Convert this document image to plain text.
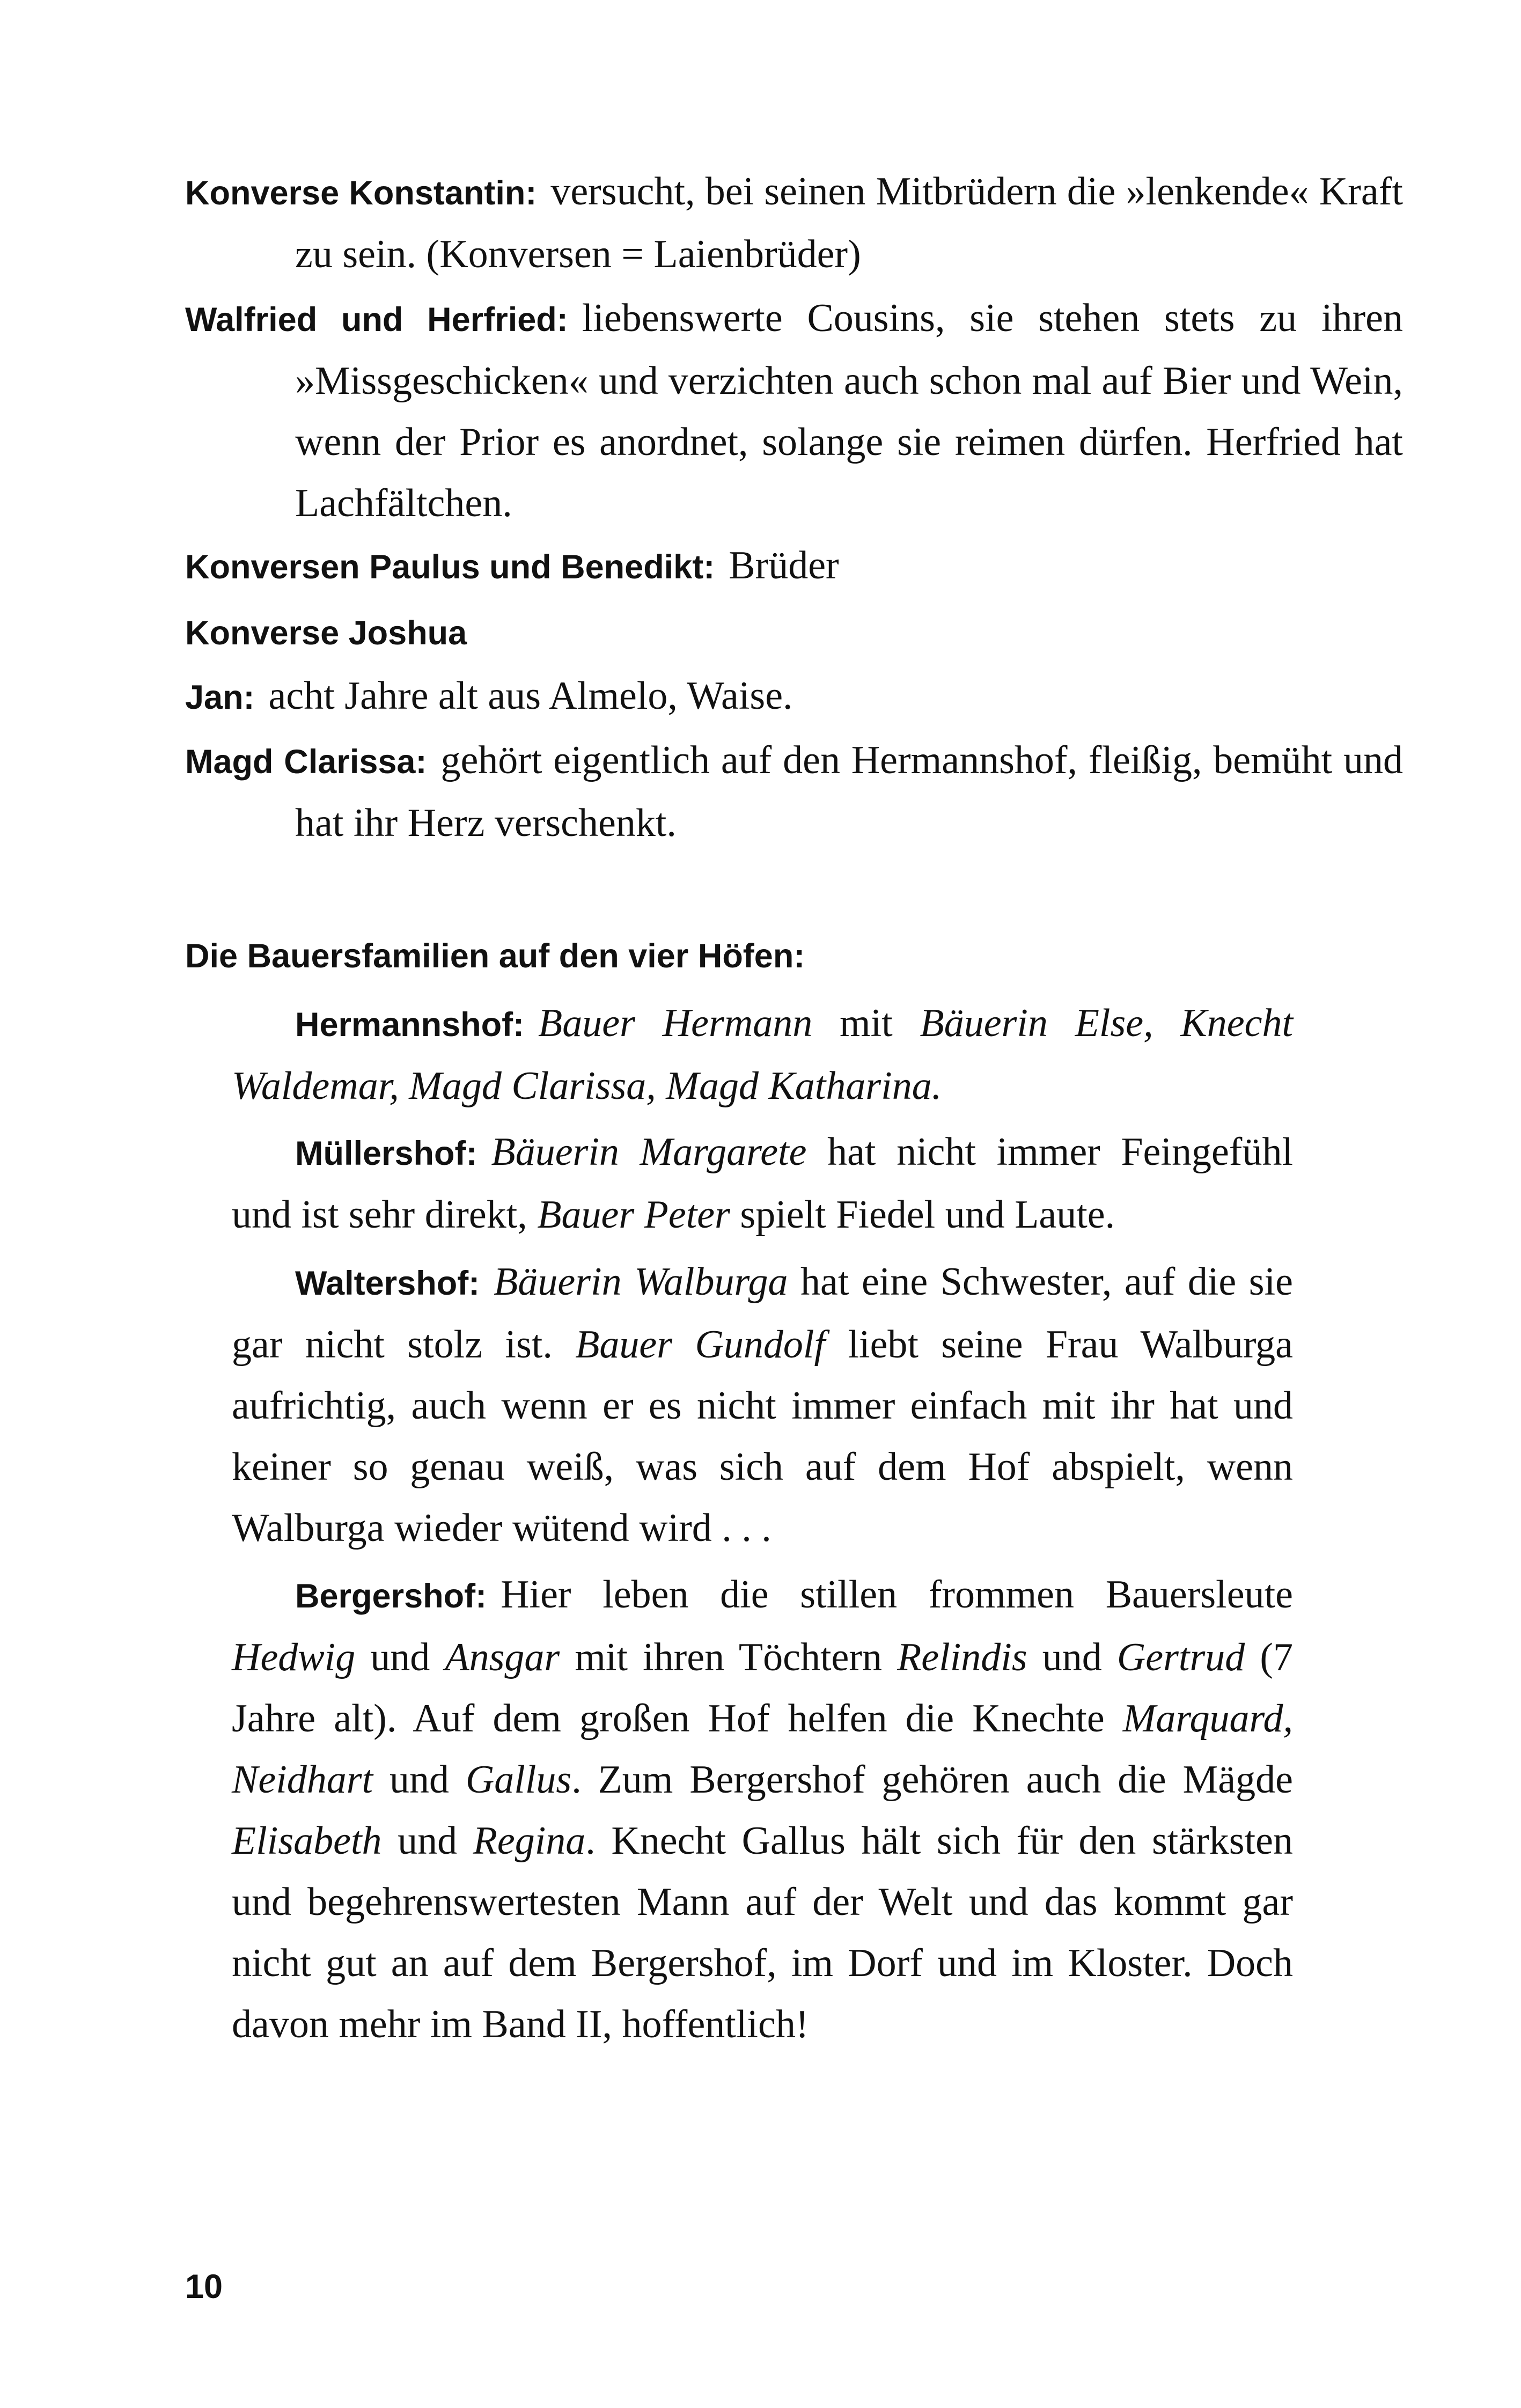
Konverse Konstantin: versucht, bei seinen Mitbrüdern die »lenkende« Kraft zu sein. (Konversen = Laienbrüder)

Walfried und Herfried: liebenswerte Cousins, sie stehen stets zu ihren »Missgeschicken« und verzichten auch schon mal auf Bier und Wein, wenn der Prior es anordnet, solange sie reimen dürfen. Herfried hat Lachfältchen.

Konversen Paulus und Benedikt: Brüder

Konverse Joshua

Jan: acht Jahre alt aus Almelo, Waise.

Magd Clarissa: gehört eigentlich auf den Hermannshof, fleißig, bemüht und hat ihr Herz verschenkt.

Die Bauersfamilien auf den vier Höfen:

Hermannshof: Bauer Hermann mit Bäuerin Else, Knecht Waldemar, Magd Clarissa, Magd Katharina.

Müllershof: Bäuerin Margarete hat nicht immer Feingefühl und ist sehr direkt, Bauer Peter spielt Fiedel und Laute.

Waltershof: Bäuerin Walburga hat eine Schwester, auf die sie gar nicht stolz ist. Bauer Gundolf liebt seine Frau Walburga aufrichtig, auch wenn er es nicht immer einfach mit ihr hat und keiner so genau weiß, was sich auf dem Hof abspielt, wenn Walburga wieder wütend wird . . .

Bergershof: Hier leben die stillen frommen Bauersleute Hedwig und Ansgar mit ihren Töchtern Relindis und Gertrud (7 Jahre alt). Auf dem großen Hof helfen die Knechte Marquard, Neidhart und Gallus. Zum Bergershof gehören auch die Mägde Elisabeth und Regina. Knecht Gallus hält sich für den stärksten und begehrenswertesten Mann auf der Welt und das kommt gar nicht gut an auf dem Bergershof, im Dorf und im Kloster. Doch davon mehr im Band II, hoffentlich!

10
